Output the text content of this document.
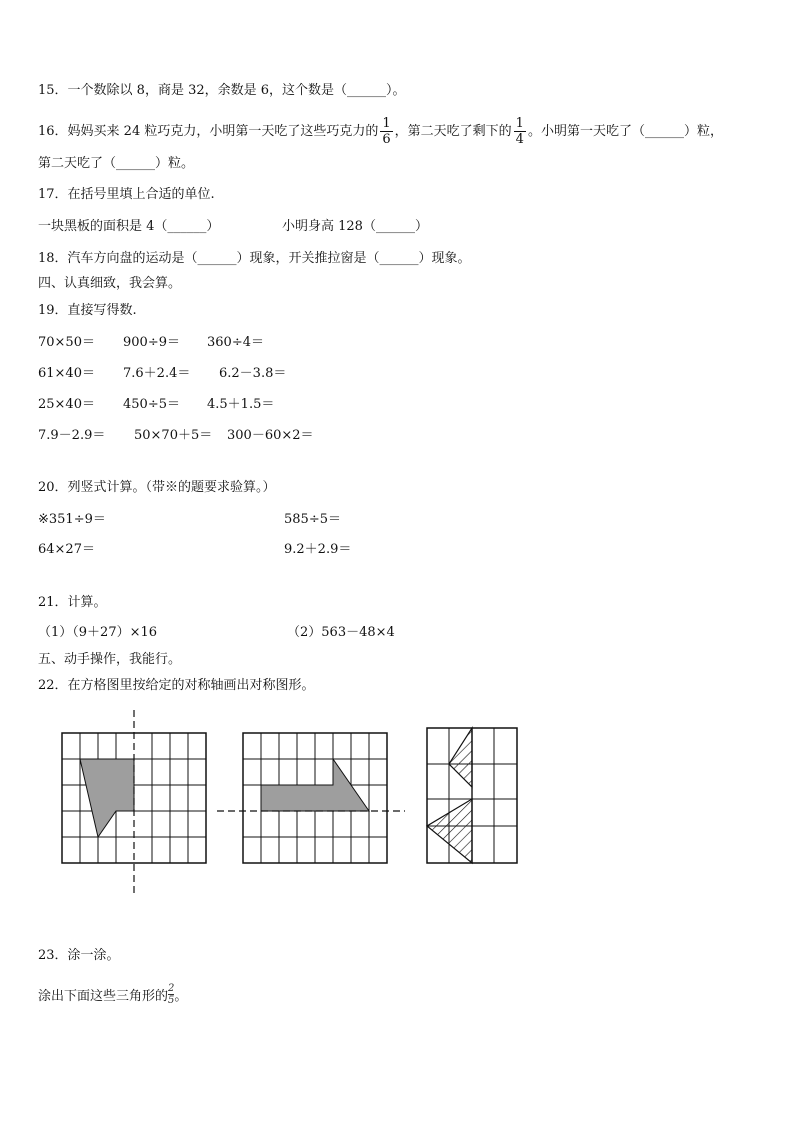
15．一个数除以 8，商是 32，余数是 6，这个数是（______）。
16．妈妈买来 24 粒巧克力，小明第一天吃了这些巧克力的 $\frac{1}{6}$ ，第二天吃了剩下的 $\frac{1}{4}$ 。小明第一天吃了（______）粒，
第二天吃了（______）粒。
17．在括号里填上合适的单位.
一块黑板的面积是 4（______）	小明身高 128（______）
18．汽车方向盘的运动是（______）现象，开关推拉窗是（______）现象。
四、认真细致，我会算。
19．直接写得数.
70×50＝ 900÷9＝ 360÷4＝
61×40＝ 7.6＋2.4＝ 6.2－3.8＝
25×40＝ 450÷5＝ 4.5＋1.5＝
7.9－2.9＝ 50×70＋5＝ 300－60×2＝
20．列竖式计算。（带※的题要求验算。）
※351÷9＝	585÷5＝
64×27＝	9.2＋2.9＝
21．计算。
（1）（9＋27）×16	（2）563－48×4
五、动手操作，我能行。
22．在方格图里按给定的对称轴画出对称图形。
23．涂一涂。
涂出下面这些三角形的 $\frac{2}{5}$ 。
